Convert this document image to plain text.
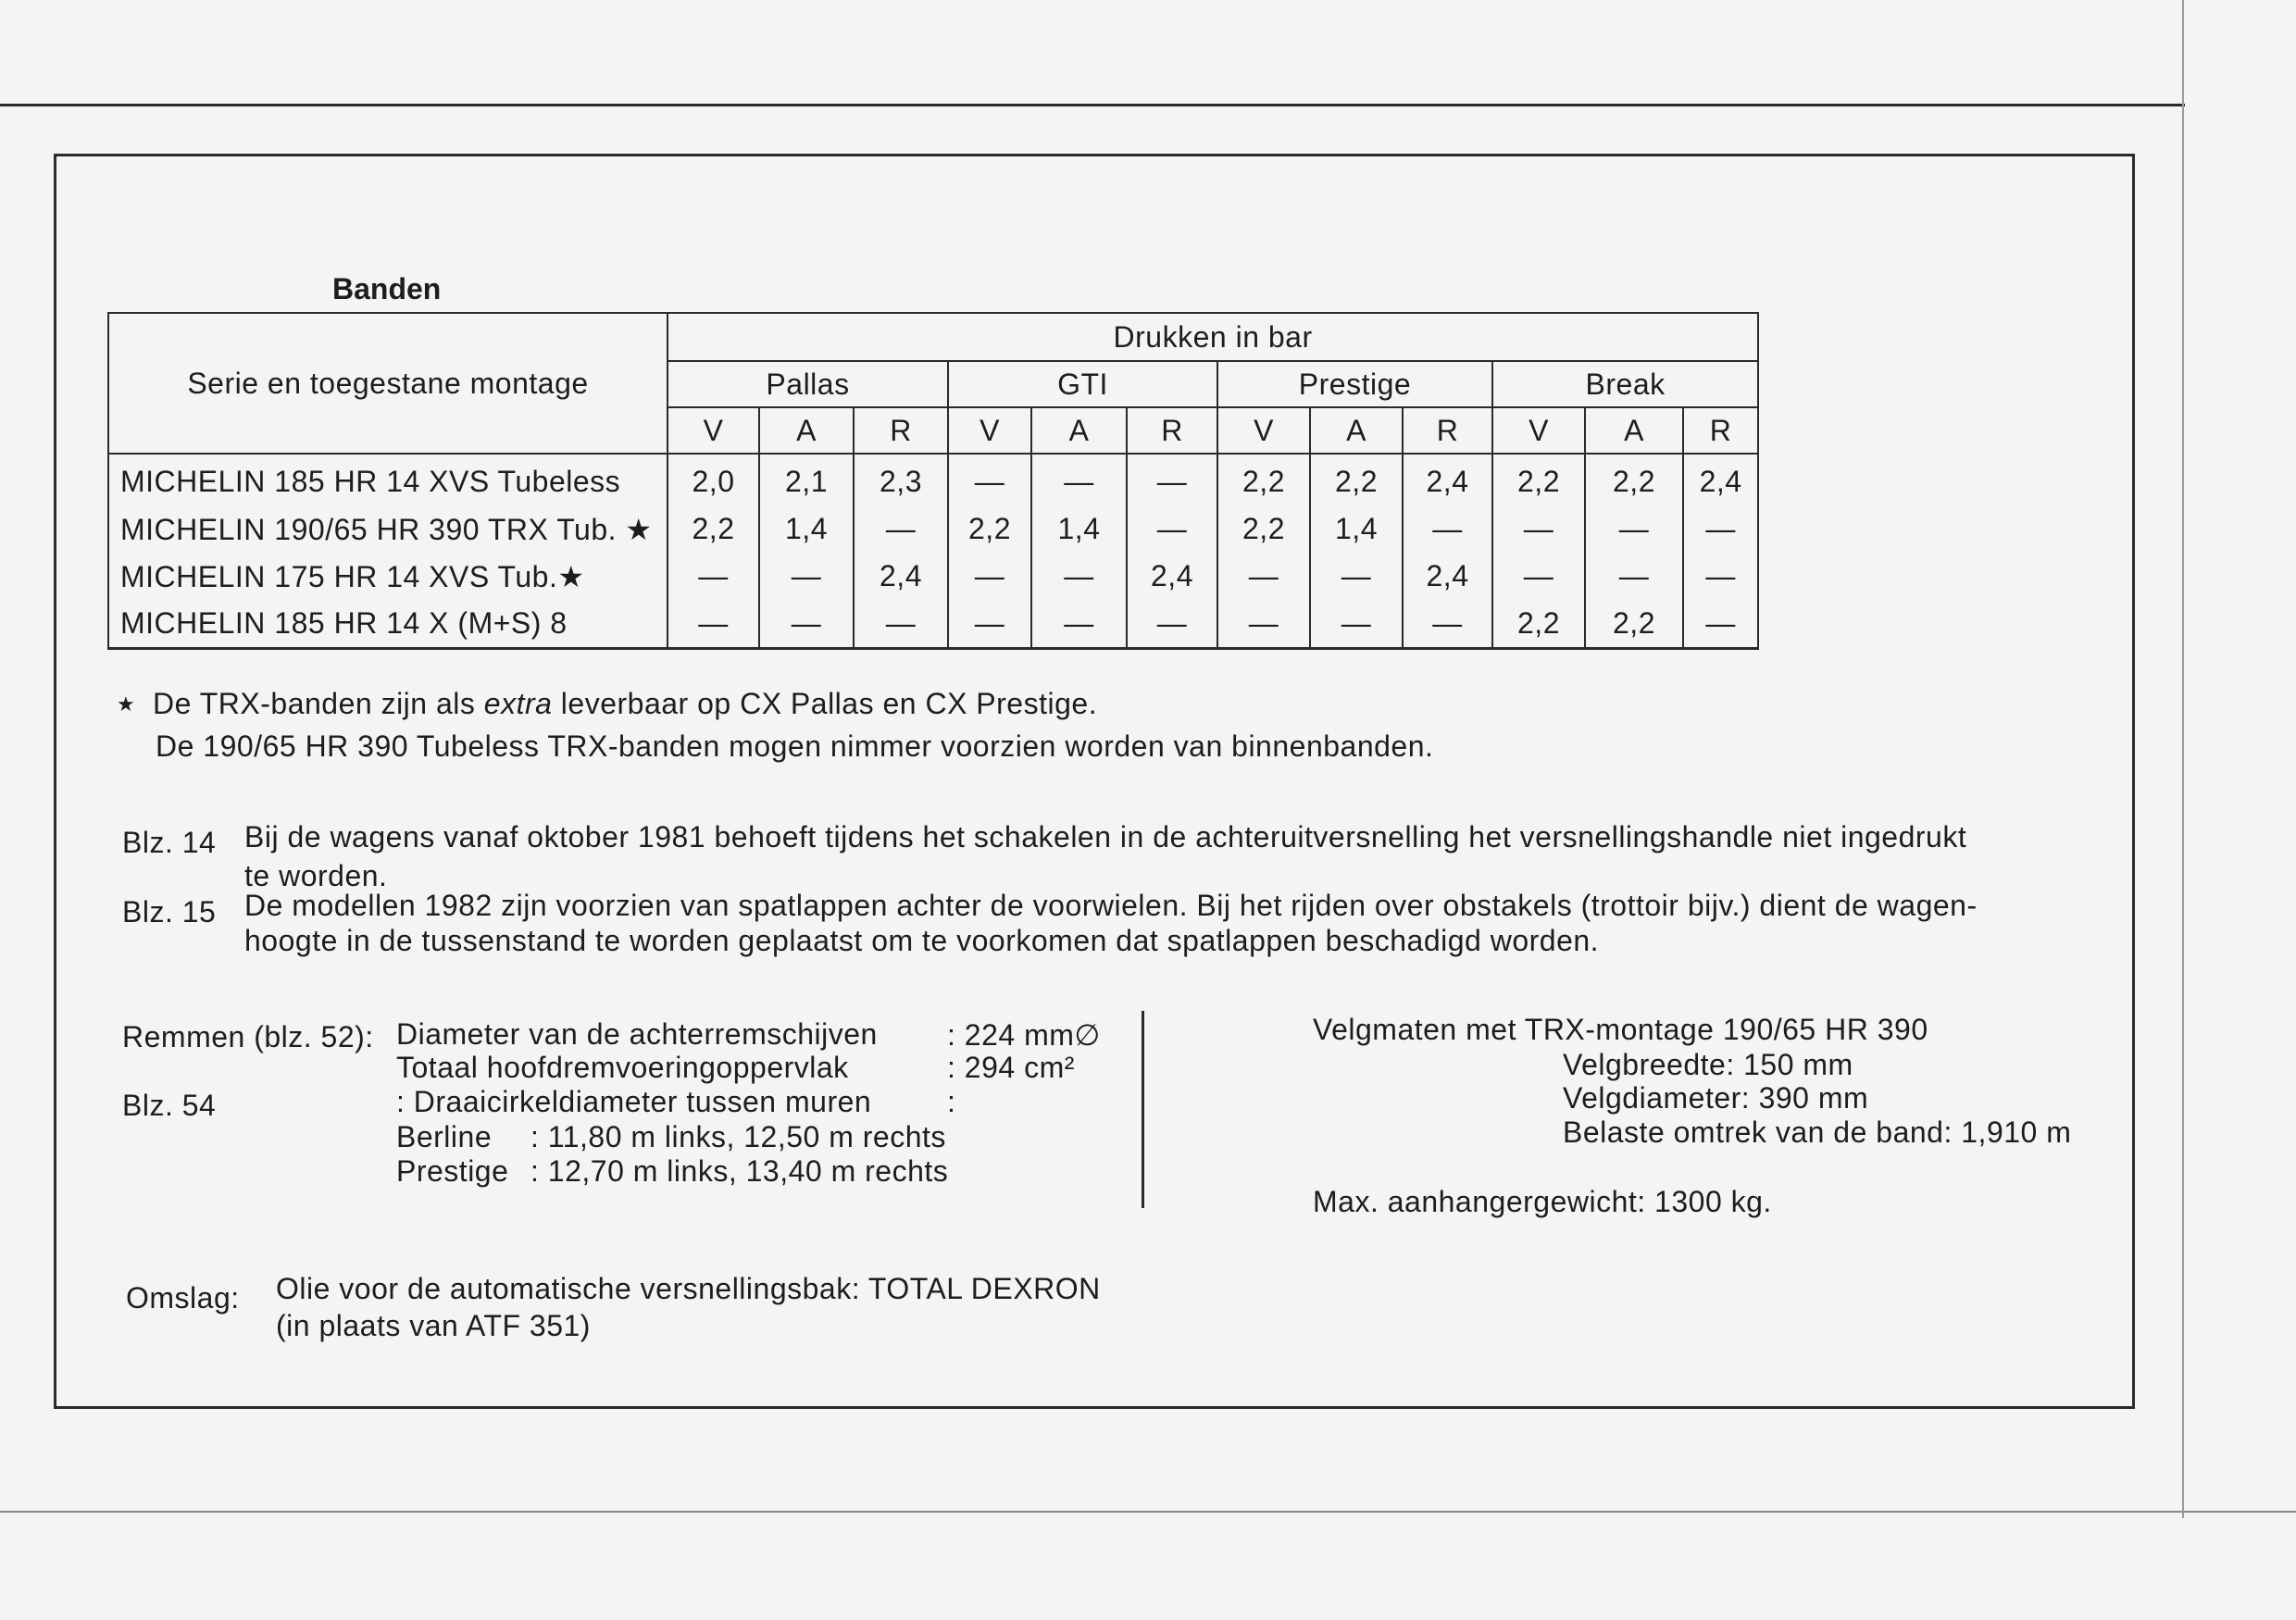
Banden
Serie en toegestane montage	Drukken in bar											
	Pallas			GTI			Prestige			Break		
	V	A	R	V	A	R	V	A	R	V	A	R
MICHELIN 185 HR 14 XVS Tubeless	2,0	2,1	2,3	—	—	—	2,2	2,2	2,4	2,2	2,2	2,4
MICHELIN 190/65 HR 390 TRX Tub. ★	2,2	1,4	—	2,2	1,4	—	2,2	1,4	—	—	—	—
MICHELIN 175 HR 14 XVS Tub.★	—	—	2,4	—	—	2,4	—	—	2,4	—	—	—
MICHELIN 185 HR 14 X (M+S) 8	—	—	—	—	—	—	—	—	—	2,2	2,2	—
★ De TRX-banden zijn als extra leverbaar op CX Pallas en CX Prestige.
De 190/65 HR 390 Tubeless TRX-banden mogen nimmer voorzien worden van binnenbanden.
Blz. 14 Bij de wagens vanaf oktober 1981 behoeft tijdens het schakelen in de achteruitversnelling het versnellingshandle niet ingedrukt
te worden.
Blz. 15 De modellen 1982 zijn voorzien van spatlappen achter de voorwielen. Bij het rijden over obstakels (trottoir bijv.) dient de wagen-
hoogte in de tussenstand te worden geplaatst om te voorkomen dat spatlappen beschadigd worden.
Remmen (blz. 52): Diameter van de achterremschijven : 224 mm∅
Totaal hoofdremvoeringoppervlak	: 294 cm²
Blz. 54	: Draaicirkeldiameter tussen muren	:
Berline : 11,80 m links, 12,50 m rechts
Prestige : 12,70 m links, 13,40 m rechts
Velgmaten met TRX-montage 190/65 HR 390
Velgbreedte: 150 mm
Velgdiameter: 390 mm
Belaste omtrek van de band: 1,910 m
Max. aanhangergewicht: 1300 kg.
Omslag: Olie voor de automatische versnellingsbak: TOTAL DEXRON
(in plaats van ATF 351)
